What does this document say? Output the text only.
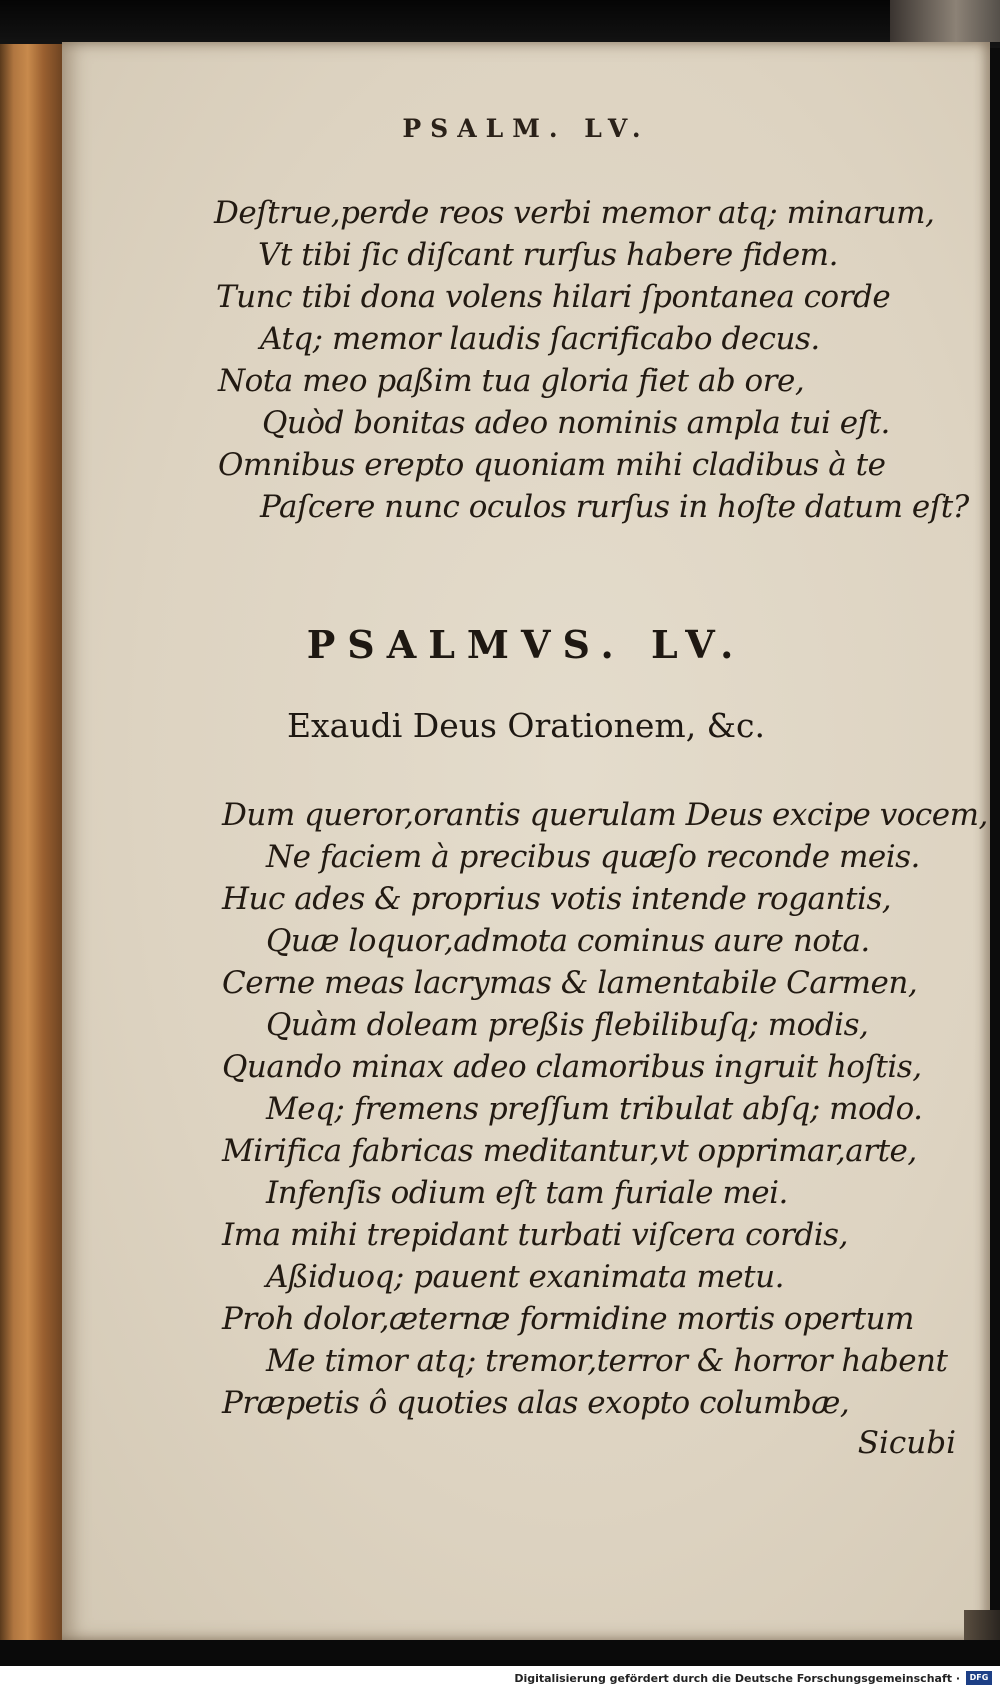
PSALM. LV.
Deſtrue,perde reos verbi memor atq; minarum,
Vt tibi ſic diſcant rurſus habere fidem.
Tunc tibi dona volens hilari ſpontanea corde
Atq; memor laudis ſacrificabo decus.
Nota meo paßim tua gloria fiet ab ore,
Quòd bonitas adeo nominis ampla tui eſt.
Omnibus erepto quoniam mihi cladibus à te
Paſcere nunc oculos rurſus in hoſte datum eſt?
PSALMVS. LV.
Exaudi Deus Orationem, &c.
Dum queror,orantis querulam Deus excipe vocem,
Ne faciem à precibus quæſo reconde meis.
Huc ades & proprius votis intende rogantis,
Quæ loquor,admota cominus aure nota.
Cerne meas lacrymas & lamentabile Carmen,
Quàm doleam preßis flebilibuſq; modis,
Quando minax adeo clamoribus ingruit hoſtis,
Meq; fremens preſſum tribulat abſq; modo.
Mirifica fabricas meditantur,vt opprimar,arte,
Infenſis odium eſt tam furiale mei.
Ima mihi trepidant turbati viſcera cordis,
Aßiduoq; pauent exanimata metu.
Proh dolor,æternæ formidine mortis opertum
Me timor atq; tremor,terror & horror habent
Præpetis ô quoties alas exopto columbæ,
Sicubi
Digitalisierung gefördert durch die Deutsche Forschungsgemeinschaft ·	DFG
